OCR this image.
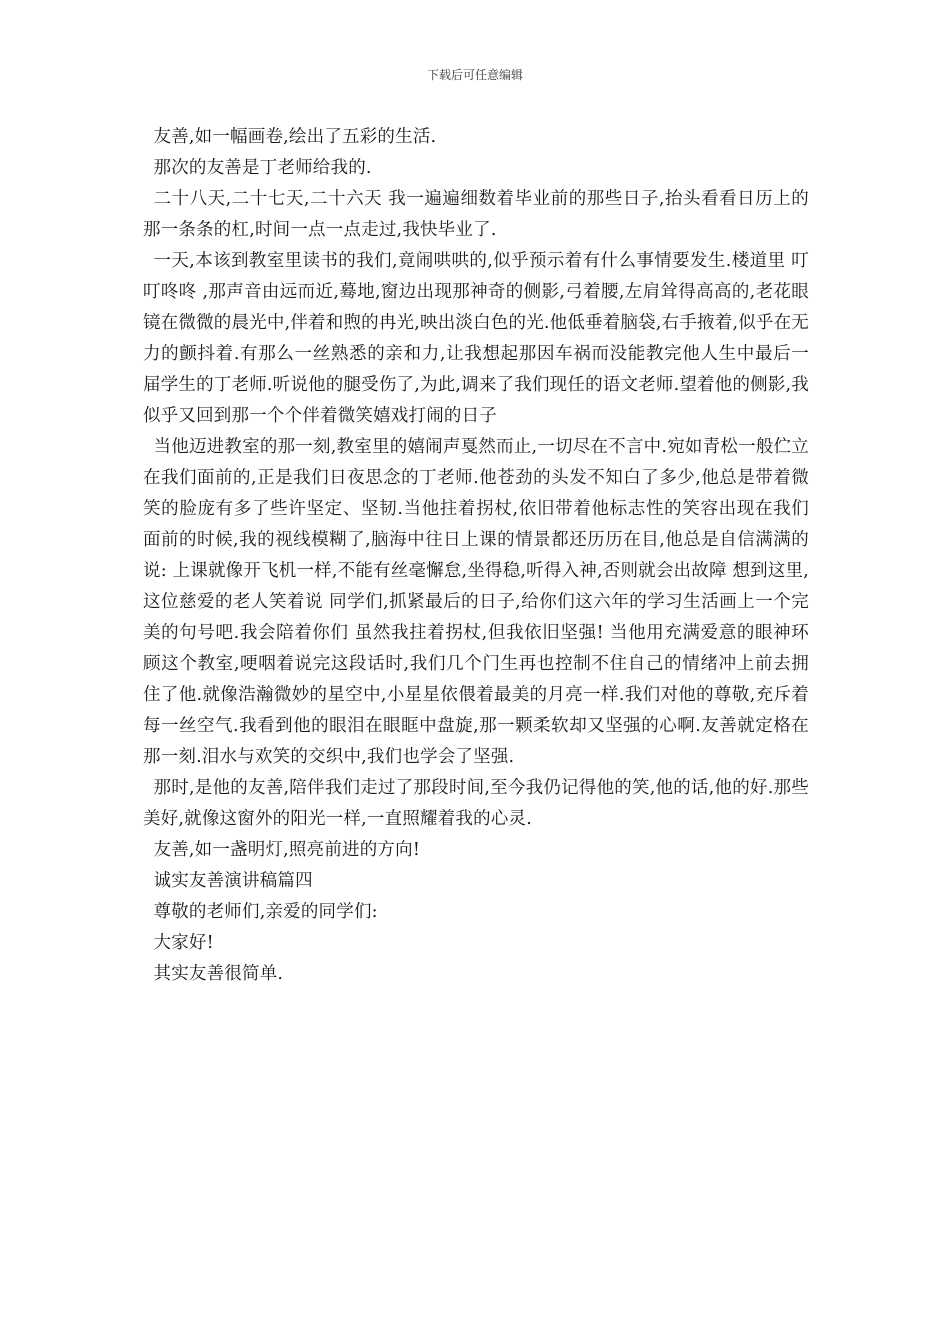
下载后可任意编辑

友善,如一幅画卷,绘出了五彩的生活.

那次的友善是丁老师给我的.

二十八天,二十七天,二十六天 我一遍遍细数着毕业前的那些日子,抬头看看日历上的那一条条的杠,时间一点一点走过,我快毕业了.

一天,本该到教室里读书的我们,竟闹哄哄的,似乎预示着有什么事情要发生.楼道里 叮叮咚咚 ,那声音由远而近,蓦地,窗边出现那神奇的侧影,弓着腰,左肩耸得高高的,老花眼镜在微微的晨光中,伴着和煦的冉光,映出淡白色的光.他低垂着脑袋,右手掖着,似乎在无力的颤抖着.有那么一丝熟悉的亲和力,让我想起那因车祸而没能教完他人生中最后一届学生的丁老师.听说他的腿受伤了,为此,调来了我们现任的语文老师.望着他的侧影,我似乎又回到那一个个伴着微笑嬉戏打闹的日子

当他迈进教室的那一刻,教室里的嬉闹声戛然而止,一切尽在不言中.宛如青松一般伫立在我们面前的,正是我们日夜思念的丁老师.他苍劲的头发不知白了多少,他总是带着微笑的脸庞有多了些许坚定、坚韧.当他拄着拐杖,依旧带着他标志性的笑容出现在我们面前的时候,我的视线模糊了,脑海中往日上课的情景都还历历在目,他总是自信满满的说: 上课就像开飞机一样,不能有丝毫懈怠,坐得稳,听得入神,否则就会出故障 想到这里,这位慈爱的老人笑着说 同学们,抓紧最后的日子,给你们这六年的学习生活画上一个完美的句号吧.我会陪着你们 虽然我拄着拐杖,但我依旧坚强! 当他用充满爱意的眼神环顾这个教室,哽咽着说完这段话时,我们几个门生再也控制不住自己的情绪冲上前去拥住了他.就像浩瀚微妙的星空中,小星星依偎着最美的月亮一样.我们对他的尊敬,充斥着每一丝空气.我看到他的眼泪在眼眶中盘旋,那一颗柔软却又坚强的心啊.友善就定格在那一刻.泪水与欢笑的交织中,我们也学会了坚强.

那时,是他的友善,陪伴我们走过了那段时间,至今我仍记得他的笑,他的话,他的好.那些美好,就像这窗外的阳光一样,一直照耀着我的心灵.

友善,如一盏明灯,照亮前进的方向!

诚实友善演讲稿篇四

尊敬的老师们,亲爱的同学们:

大家好!

其实友善很简单.
